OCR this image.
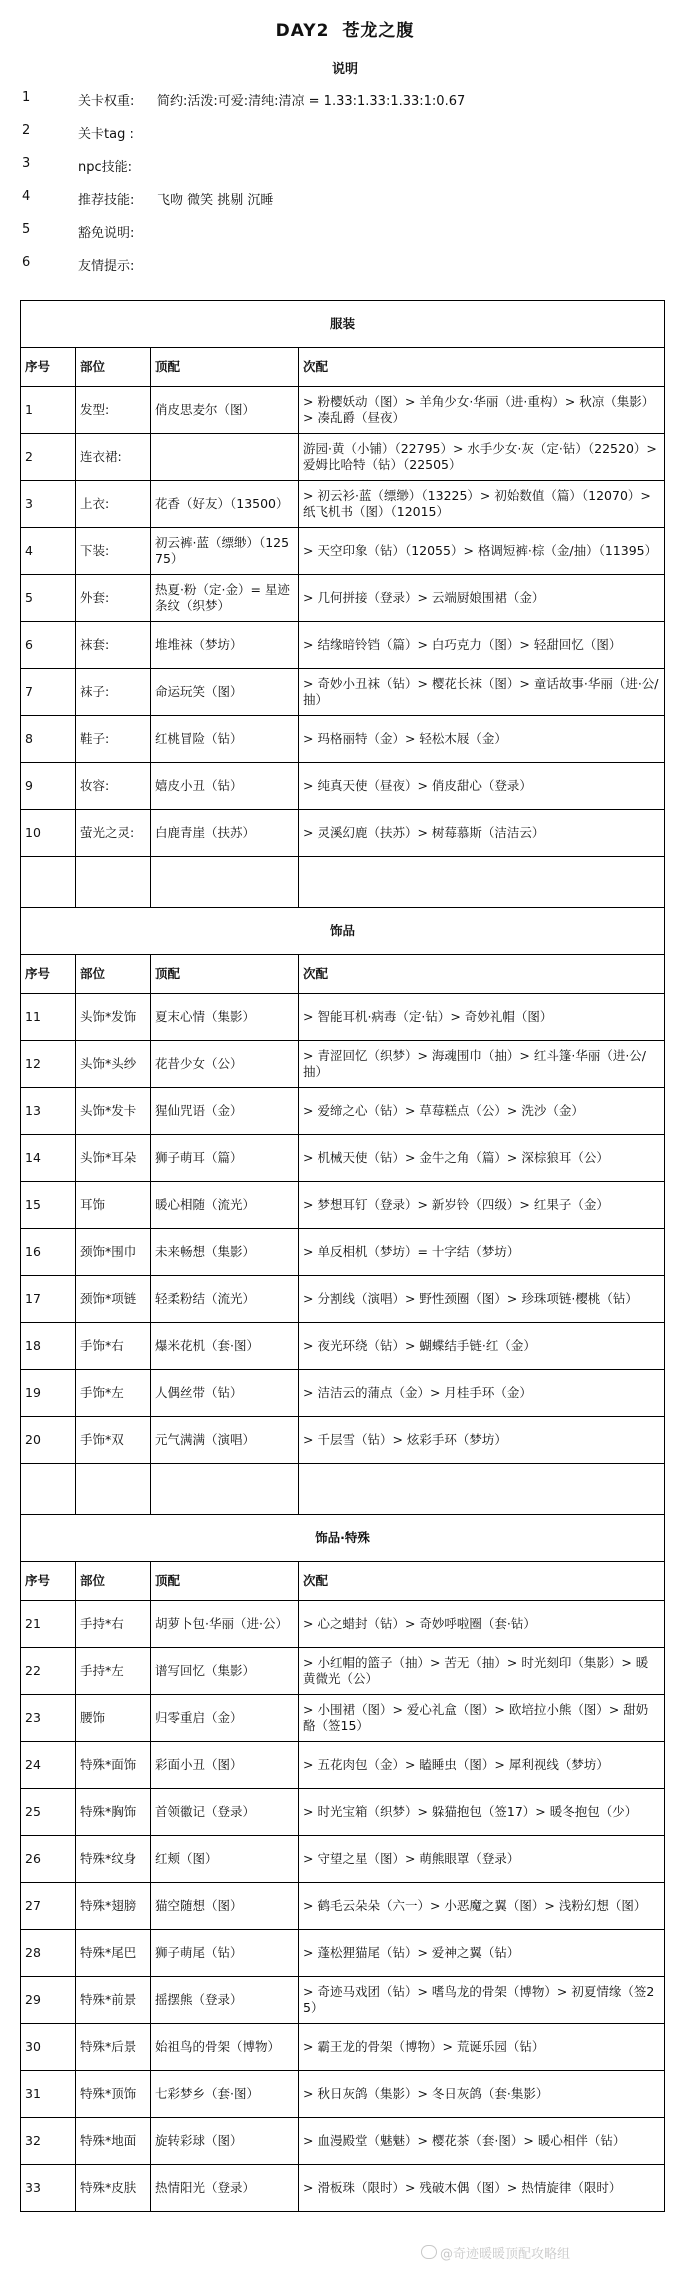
DAY2 苍龙之腹
说明
1	关卡权重: 简约:活泼:可爱:清纯:清凉 = 1.33:1.33:1.33:1:0.67
2	关卡tag :
3	npc技能:
4	推荐技能: 飞吻 微笑 挑剔 沉睡
5	豁免说明:
6	友情提示:
服装			
序号	部位	顶配	次配
1	发型:	俏皮思麦尔（图）	> 粉樱妖动（图）> 羊角少女·华丽（进·重构）> 秋凉（集影）> 凑乱爵（昼夜）
2	连衣裙:		游园·黄（小铺）（22795）> 水手少女·灰（定·钻）（22520）> 爱姆比哈特（钻）（22505）
3	上衣:	花香（好友）（13500）	> 初云衫·蓝（缥缈）（13225）> 初始数值（篇）（12070）> 纸飞机书（图）（12015）
4	下装:	初云裤·蓝（缥缈）（12575）	> 天空印象（钻）（12055）> 格调短裤·棕（金/抽）（11395）
5	外套:	热夏·粉（定·金）= 星迹条纹（织梦）	> 几何拼接（登录）> 云端厨娘围裙（金）
6	袜套:	堆堆袜（梦坊）	> 结缘暗铃铛（篇）> 白巧克力（图）> 轻甜回忆（图）
7	袜子:	命运玩笑（图）	> 奇妙小丑袜（钻）> 樱花长袜（图）> 童话故事·华丽（进·公/抽）
8	鞋子:	红桃冒险（钻）	> 玛格丽特（金）> 轻松木屐（金）
9	妆容:	嬉皮小丑（钻）	> 纯真天使（昼夜）> 俏皮甜心（登录）
10	萤光之灵:	白鹿青崖（扶苏）	> 灵溪幻鹿（扶苏）> 树莓慕斯（洁洁云）

饰品			
序号	部位	顶配	次配
11	头饰*发饰	夏末心情（集影）	> 智能耳机·病毒（定·钻）> 奇妙礼帽（图）
12	头饰*头纱	花昔少女（公）	> 青涩回忆（织梦）> 海魂围巾（抽）> 红斗篷·华丽（进·公/抽）
13	头饰*发卡	猩仙咒语（金）	> 爱缔之心（钻）> 草莓糕点（公）> 洗沙（金）
14	头饰*耳朵	狮子萌耳（篇）	> 机械天使（钻）> 金牛之角（篇）> 深棕狼耳（公）
15	耳饰	暖心相随（流光）	> 梦想耳钉（登录）> 新岁铃（四级）> 红果子（金）
16	颈饰*围巾	未来畅想（集影）	> 单反相机（梦坊）= 十字结（梦坊）
17	颈饰*项链	轻柔粉结（流光）	> 分割线（演唱）> 野性颈圈（图）> 珍珠项链·樱桃（钻）
18	手饰*右	爆米花机（套·图）	> 夜光环绕（钻）> 蝴蝶结手链·红（金）
19	手饰*左	人偶丝带（钻）	> 洁洁云的蒲点（金）> 月桂手环（金）
20	手饰*双	元气满满（演唱）	> 千层雪（钻）> 炫彩手环（梦坊）

饰品·特殊			
序号	部位	顶配	次配
21	手持*右	胡萝卜包·华丽（进·公）	> 心之蜡封（钻）> 奇妙呼啦圈（套·钻）
22	手持*左	谱写回忆（集影）	> 小红帽的篮子（抽）> 苦无（抽）> 时光刻印（集影）> 暖黄微光（公）
23	腰饰	归零重启（金）	> 小围裙（图）> 爱心礼盒（图）> 欧培拉小熊（图）> 甜奶酪（签15）
24	特殊*面饰	彩面小丑（图）	> 五花肉包（金）> 瞌睡虫（图）> 犀利视线（梦坊）
25	特殊*胸饰	首领徽记（登录）	> 时光宝箱（织梦）> 躲猫抱包（签17）> 暖冬抱包（少）
26	特殊*纹身	红颊（图）	> 守望之星（图）> 萌熊眼罩（登录）
27	特殊*翅膀	猫空随想（图）	> 鹤毛云朵朵（六一）> 小恶魔之翼（图）> 浅粉幻想（图）
28	特殊*尾巴	狮子萌尾（钻）	> 蓬松狸猫尾（钻）> 爱神之翼（钻）
29	特殊*前景	摇摆熊（登录）	> 奇迹马戏团（钻）> 嗜鸟龙的骨架（博物）> 初夏情缘（签25）
30	特殊*后景	始祖鸟的骨架（博物）	> 霸王龙的骨架（博物）> 荒诞乐园（钻）
31	特殊*顶饰	七彩梦乡（套·图）	> 秋日灰鸽（集影）> 冬日灰鸽（套·集影）
32	特殊*地面	旋转彩球（图）	> 血漫殿堂（魅魅）> 樱花茶（套·图）> 暖心相伴（钻）
33	特殊*皮肤	热情阳光（登录）	> 滑板珠（限时）> 残破木偶（图）> 热情旋律（限时）
@奇迹暖暖顶配攻略组
